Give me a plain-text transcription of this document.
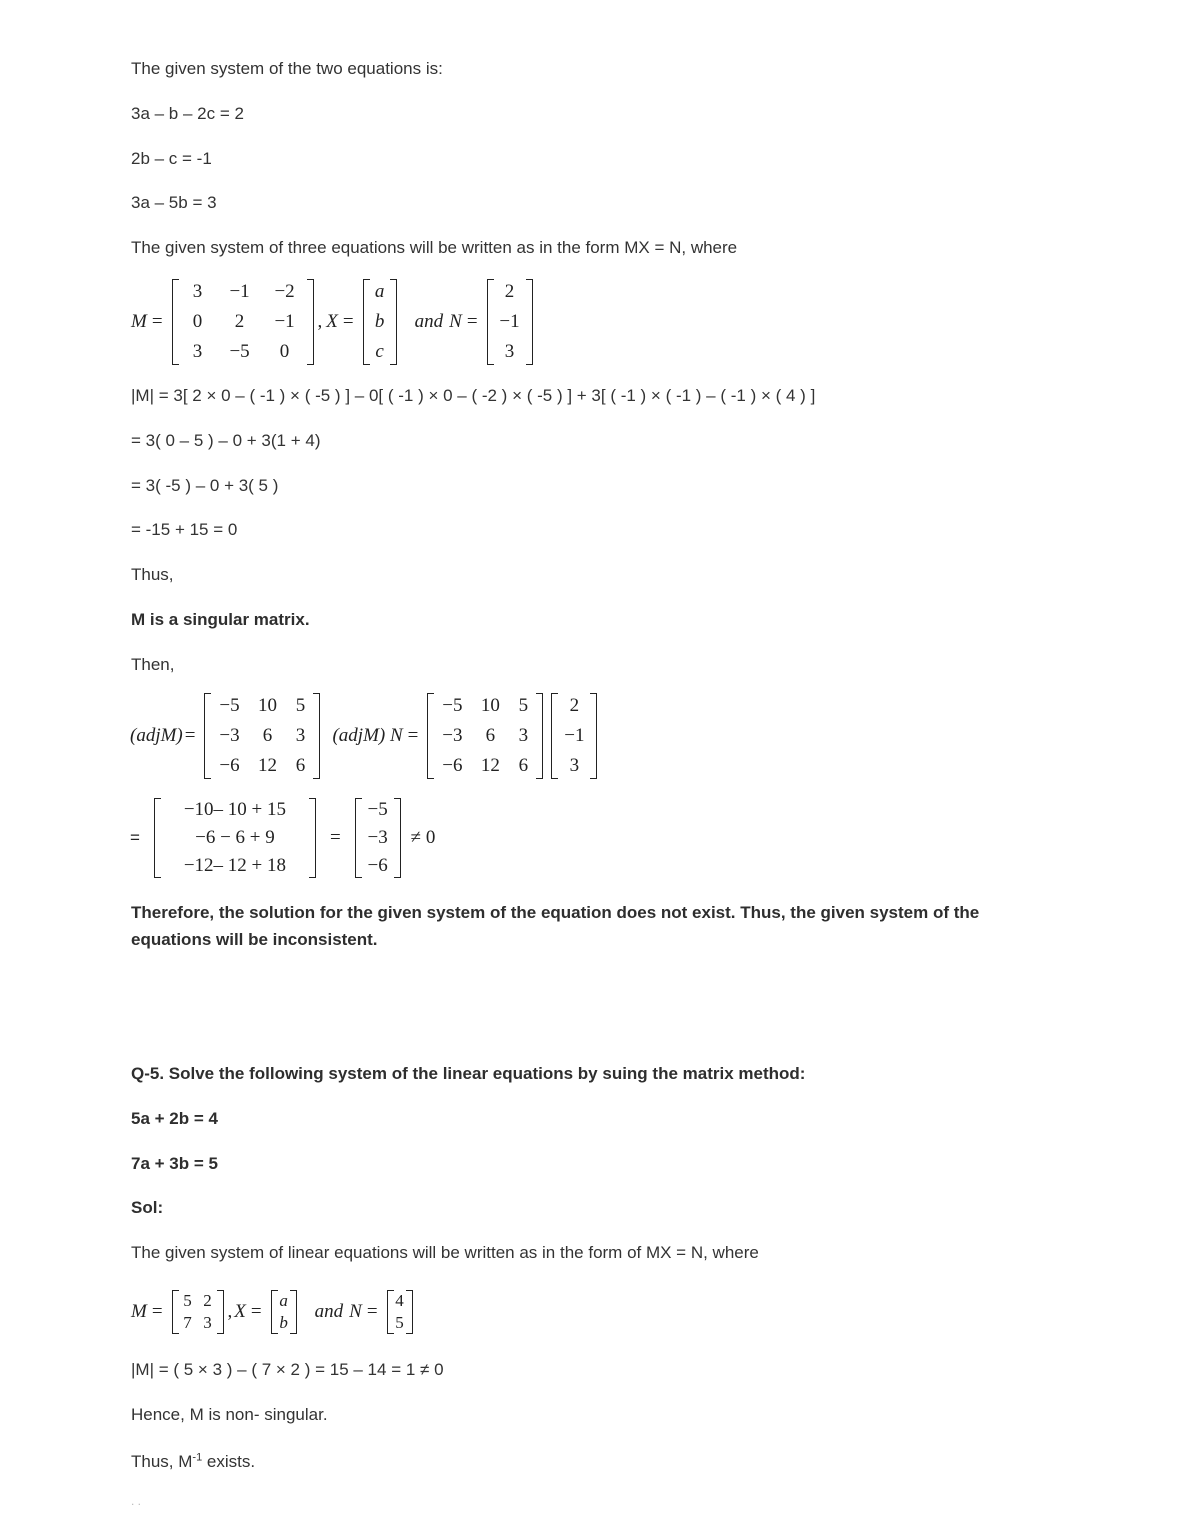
The given system of the two equations is:
3a – b – 2c = 2
2b – c = -1
3a – 5b = 3
The given system of three equations will be written as in the form MX = N, where
M =
3	−1	−2
0	2	−1
3	−5	0
, X =
a
b
c
and N =
2
−1
3
|M| = 3[ 2 × 0 – ( -1 ) × ( -5 ) ] – 0[ ( -1 ) × 0 – ( -2 ) × ( -5 ) ] + 3[ ( -1 ) × ( -1 ) – ( -1 ) × ( 4 ) ]
= 3( 0 – 5 ) – 0 + 3(1 + 4)
= 3( -5 ) – 0 + 3( 5 )
= -15 + 15 = 0
Thus,
M is a singular matrix.
Then,
(adjM) =
−5 10 5
−3	6	3
−6 12 6
(adjM) N =
−5 10 5
−3	6	3
−6 12 6
2
−1
3
=
−10– 10 + 15
−6 − 6 + 9
−12– 12 + 18
=
−5
−3
−6
≠ 0
Therefore, the solution for the given system of the equation does not exist. Thus, the given system of the equations will be inconsistent.
Q-5. Solve the following system of the linear equations by suing the matrix method:
5a + 2b = 4
7a + 3b = 5
Sol:
The given system of linear equations will be written as in the form of MX = N, where
M =
5 2
7 3
, X =
a
b
and N =
4
5
|M| = ( 5 × 3 ) – ( 7 × 2 ) = 15 – 14 = 1 ≠ 0
Hence, M is non- singular.
Thus, $M^{-1}$ exists.
. .
